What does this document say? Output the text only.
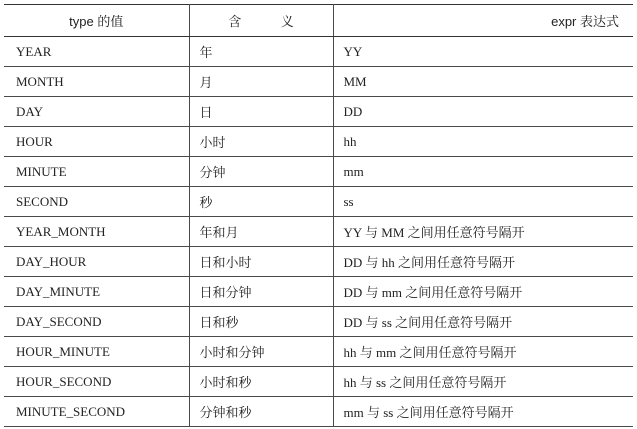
type 的值	含 义	expr 表达式
YEAR	年	YY
MONTH	月	MM
DAY	日	DD
HOUR	小时	hh
MINUTE	分钟	mm
SECOND	秒	ss
YEAR_MONTH	年和月	YY 与 MM 之间用任意符号隔开
DAY_HOUR	日和小时	DD 与 hh 之间用任意符号隔开
DAY_MINUTE	日和分钟	DD 与 mm 之间用任意符号隔开
DAY_SECOND	日和秒	DD 与 ss 之间用任意符号隔开
HOUR_MINUTE	小时和分钟	hh 与 mm 之间用任意符号隔开
HOUR_SECOND	小时和秒	hh 与 ss 之间用任意符号隔开
MINUTE_SECOND	分钟和秒	mm 与 ss 之间用任意符号隔开
